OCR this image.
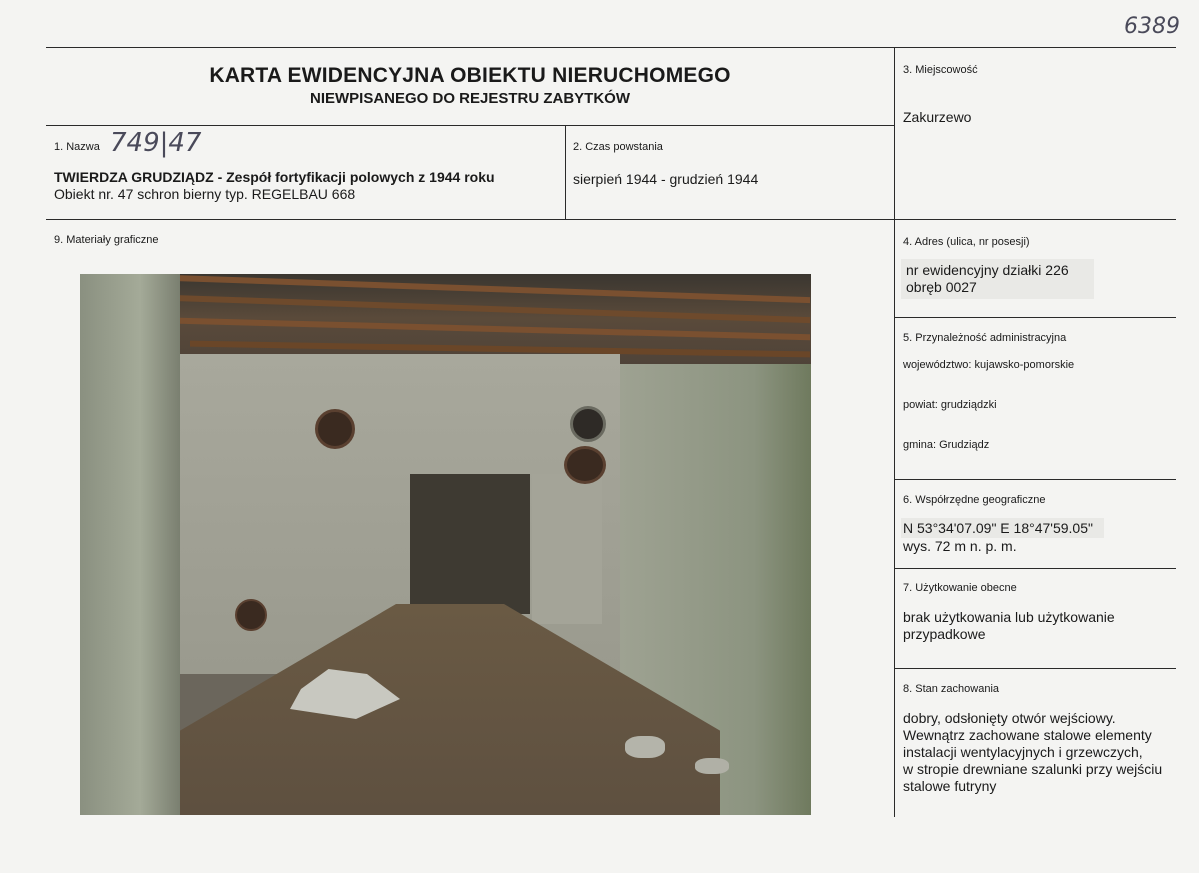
6389
KARTA EWIDENCYJNA OBIEKTU NIERUCHOMEGO
NIEWPISANEGO DO REJESTRU ZABYTKÓW
3. Miejscowość
Zakurzewo
1. Nazwa 749|47
TWIERDZA GRUDZIĄDZ - Zespół fortyfikacji polowych z 1944 roku
Obiekt nr. 47 schron bierny typ. REGELBAU 668
2. Czas powstania
sierpień 1944 - grudzień 1944
9. Materiały graficzne	4. Adres (ulica, nr posesji)
nr ewidencyjny działki 226
obręb 0027
5. Przynależność administracyjna
województwo: kujawsko-pomorskie
powiat: grudziądzki
gmina: Grudziądz
6. Współrzędne geograficzne
N 53°34'07.09" E 18°47'59.05"
wys. 72 m n. p. m.
7. Użytkowanie obecne
brak użytkowania lub użytkowanie
przypadkowe
8. Stan zachowania
dobry, odsłonięty otwór wejściowy.
Wewnątrz zachowane stalowe elementy
instalacji wentylacyjnych i grzewczych,
w stropie drewniane szalunki przy wejściu
stalowe futryny
